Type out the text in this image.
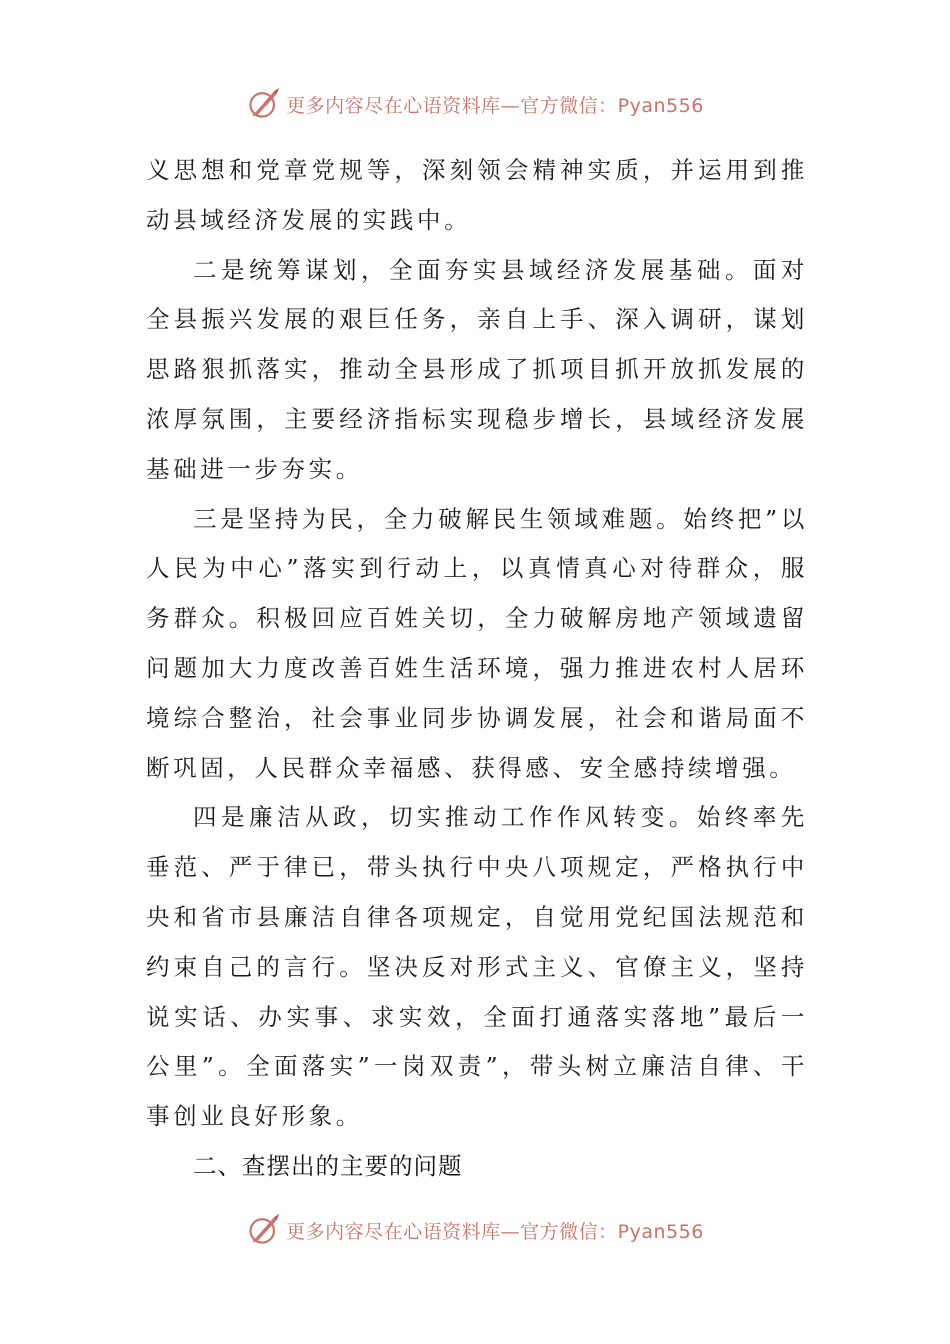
更多内容尽在心语资料库—官方微信：Pyan556

义思想和党章党规等，深刻领会精神实质，并运用到推动县域经济发展的实践中。

二是统筹谋划，全面夯实县域经济发展基础。面对全县振兴发展的艰巨任务，亲自上手、深入调研，谋划思路狠抓落实，推动全县形成了抓项目抓开放抓发展的浓厚氛围，主要经济指标实现稳步增长，县域经济发展基础进一步夯实。

三是坚持为民，全力破解民生领域难题。始终把”以人民为中心”落实到行动上，以真情真心对待群众，服务群众。积极回应百姓关切，全力破解房地产领域遗留问题加大力度改善百姓生活环境，强力推进农村人居环境综合整治，社会事业同步协调发展，社会和谐局面不断巩固，人民群众幸福感、获得感、安全感持续增强。

四是廉洁从政，切实推动工作作风转变。始终率先垂范、严于律已，带头执行中央八项规定，严格执行中央和省市县廉洁自律各项规定，自觉用党纪国法规范和约束自己的言行。坚决反对形式主义、官僚主义，坚持说实话、办实事、求实效，全面打通落实落地”最后一公里”。全面落实”一岗双责”，带头树立廉洁自律、干事创业良好形象。

二、查摆出的主要的问题

更多内容尽在心语资料库—官方微信：Pyan556
